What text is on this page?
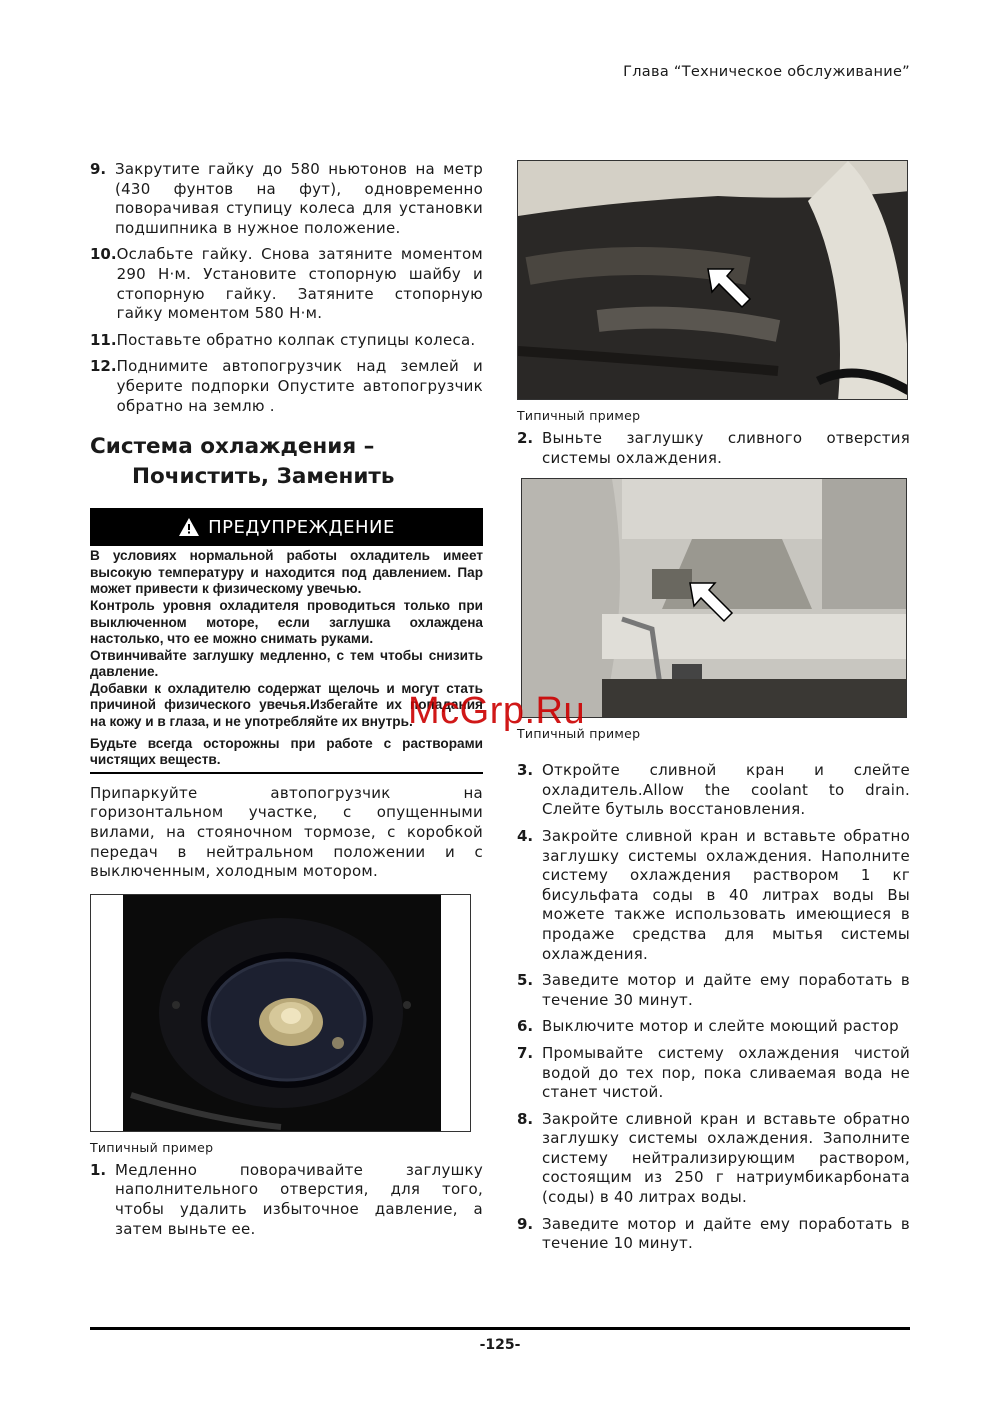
Глава “Техническое обслуживание”
9. Закрутите гайку до 580 ньютонов на метр (430 фунтов на фут), одновременно поворачивая ступицу колеса для установки подшипника в нужное положение.
10. Ослабьте гайку. Снова затяните моментом 290 Н·м. Установите стопорную шайбу и стопорную гайку. Затяните стопорную гайку моментом 580 Н·м.
11. Поставьте обратно колпак ступицы колеса.
12. Поднимите автопогрузчик над землей и уберите подпорки Опустите автопогрузчик обратно на землю .
Система охлаждения –
Почистить, Заменить
ПРЕДУПРЕЖДЕНИЕ

В условиях нормальной работы охладитель имеет высокую температуру и находится под давлением. Пар может привести к физическому увечью.

Контроль уровня охладителя проводиться только при выключенном моторе, если заглушка охлаждена настолько, что ее можно снимать руками.

Отвинчивайте заглушку медленно, с тем чтобы снизить давление.

Добавки к охладителю содержат щелочь и могут стать причиной физического увечья.Избегайте их попадания на кожу и в глаза, и не употребляйте их внутрь.

Будьте всегда осторожны при работе с растворами чистящих веществ.

Припаркуйте автопогрузчик на горизонтальном участке, с опущенными вилами, на стояночном тормозе, с коробкой передач в нейтральном положении и с выключенным, холодным мотором.

Типичный пример
1. Медленно поворачивайте заглушку наполнительного отверстия, для того, чтобы удалить избыточное давление, а затем выньте ее.
Типичный пример
2. Выньте заглушку сливного отверстия системы охлаждения.
Типичный пример
3. Откройте сливной кран и слейте охладитель.Allow the coolant to drain. Слейте бутыль восстановления.
4. Закройте сливной кран и вставьте обратно заглушку системы охлаждения. Наполните систему охлаждения раствором 1 кг бисульфата соды в 40 литрах воды Вы можете также использовать имеющиеся в продаже средства для мытья системы охлаждения.
5. Заведите мотор и дайте ему поработать в течение 30 минут.
6. Выключите мотор и слейте моющий растор
7. Промывайте систему охлаждения чистой водой до тех пор, пока сливаемая вода не станет чистой.
8. Закройте сливной кран и вставьте обратно заглушку системы охлаждения. Заполните систему нейтрализирующим раствором, состоящим из 250 г натриумбикарбоната (соды) в 40 литрах воды.
9. Заведите мотор и дайте ему поработать в течение 10 минут.
McGrp.Ru
-125-
